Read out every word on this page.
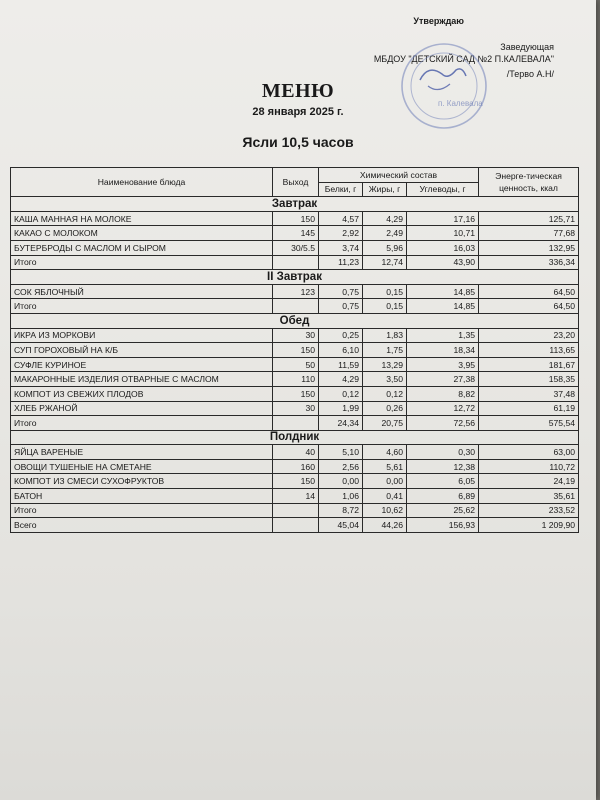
Утверждаю
Заведующая
МБДОУ "ДЕТСКИЙ САД №2 П.КАЛЕВАЛА"
/Терво А.Н/
п. Калевала
МЕНЮ
28 января 2025 г.
Ясли 10,5 часов
Наименование блюда	Выход	Химический состав			Энерге-тическая ценность, ккал
		Белки, г	Жиры, г	Углеводы, г	
Завтрак					
КАША МАННАЯ НА МОЛОКЕ	150	4,57	4,29	17,16	125,71
КАКАО С МОЛОКОМ	145	2,92	2,49	10,71	77,68
БУТЕРБРОДЫ С МАСЛОМ И СЫРОМ	30/5.5	3,74	5,96	16,03	132,95
Итого		11,23	12,74	43,90	336,34
II Завтрак					
СОК ЯБЛОЧНЫЙ	123	0,75	0,15	14,85	64,50
Итого		0,75	0,15	14,85	64,50
Обед					
ИКРА ИЗ МОРКОВИ	30	0,25	1,83	1,35	23,20
СУП ГОРОХОВЫЙ НА К/Б	150	6,10	1,75	18,34	113,65
СУФЛЕ КУРИНОЕ	50	11,59	13,29	3,95	181,67
МАКАРОННЫЕ ИЗДЕЛИЯ ОТВАРНЫЕ С МАСЛОМ	110	4,29	3,50	27,38	158,35
КОМПОТ ИЗ СВЕЖИХ ПЛОДОВ	150	0,12	0,12	8,82	37,48
ХЛЕБ РЖАНОЙ	30	1,99	0,26	12,72	61,19
Итого		24,34	20,75	72,56	575,54
Полдник					
ЯЙЦА ВАРЕНЫЕ	40	5,10	4,60	0,30	63,00
ОВОЩИ ТУШЕНЫЕ НА СМЕТАНЕ	160	2,56	5,61	12,38	110,72
КОМПОТ ИЗ СМЕСИ СУХОФРУКТОВ	150	0,00	0,00	6,05	24,19
БАТОН	14	1,06	0,41	6,89	35,61
Итого		8,72	10,62	25,62	233,52
Всего		45,04	44,26	156,93	1 209,90
